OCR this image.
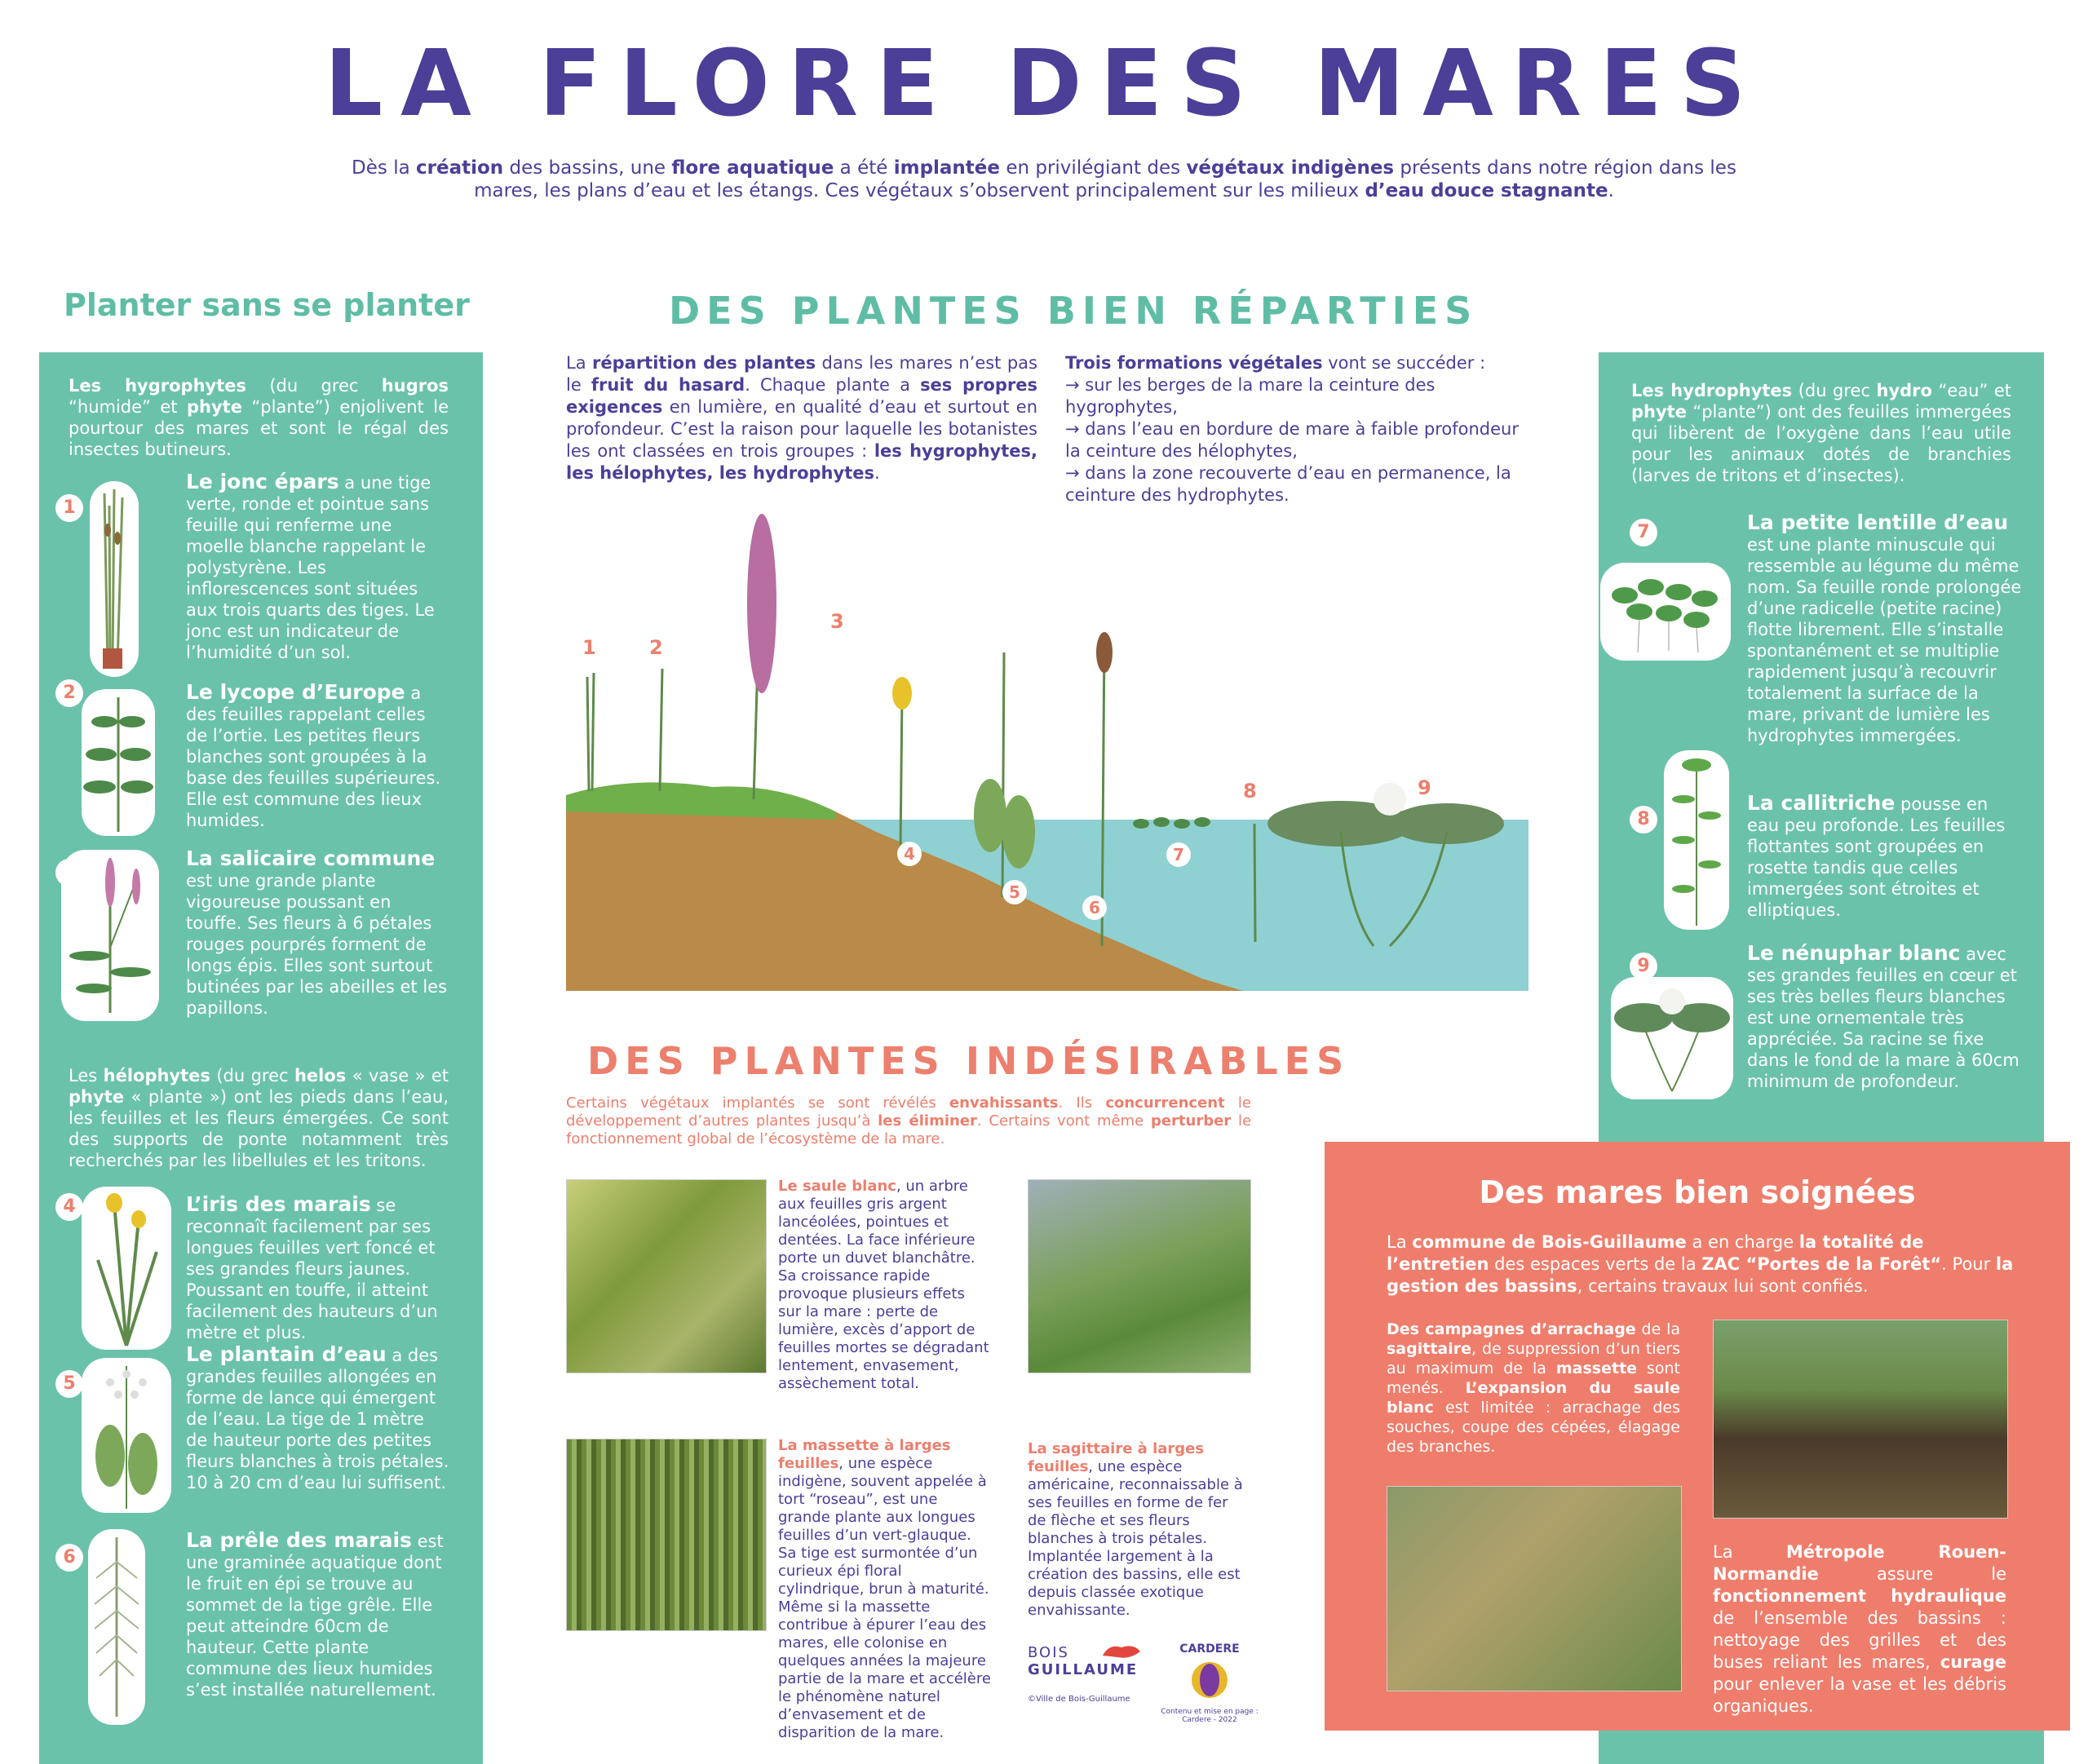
LA FLORE DES MARES
Dès la création des bassins, une flore aquatique a été implantée en privilégiant des végétaux indigènes présents dans notre région dans les mares, les plans d’eau et les étangs. Ces végétaux s’observent principalement sur les milieux d’eau douce stagnante.
Planter sans se planter
Les hygrophytes (du grec hugros “humide” et phyte “plante”) enjolivent le pourtour des mares et sont le régal des insectes butineurs.
1
Le jonc épars a une tige verte, ronde et pointue sans feuille qui renferme une moelle blanche rappelant le polystyrène. Les inflorescences sont situées aux trois quarts des tiges. Le jonc est un indicateur de l’humidité d’un sol.
2	Le lycope d’Europe a des feuilles rappelant celles de l’ortie. Les petites fleurs blanches sont groupées à la base des feuilles supérieures. Elle est commune des lieux humides.
La salicaire commune est une grande plante vigoureuse poussant en touffe. Ses fleurs à 6 pétales rouges pourprés forment de longs épis. Elles sont surtout butinées par les abeilles et les papillons.
Les hélophytes (du grec helos « vase » et phyte « plante ») ont les pieds dans l’eau, les feuilles et les fleurs émergées. Ce sont des supports de ponte notamment très recherchés par les libellules et les tritons.
4	L’iris des marais se reconnaît facilement par ses longues feuilles vert foncé et ses grandes fleurs jaunes. Poussant en touffe, il atteint facilement des hauteurs d’un mètre et plus.
5
Le plantain d’eau a des grandes feuilles allongées en forme de lance qui émergent de l’eau. La tige de 1 mètre de hauteur porte des petites fleurs blanches à trois pétales. 10 à 20 cm d’eau lui suffisent.
6
La prêle des marais est une graminée aquatique dont le fruit en épi se trouve au sommet de la tige grêle. Elle peut atteindre 60cm de hauteur. Cette plante commune des lieux humides s’est installée naturellement.
DES PLANTES BIEN RÉPARTIES
La répartition des plantes dans les mares n’est pas le fruit du hasard. Chaque plante a ses propres exigences en lumière, en qualité d’eau et surtout en profondeur. C’est la raison pour laquelle les botanistes les ont classées en trois groupes : les hygrophytes, les hélophytes, les hydrophytes.
Trois formations végétales vont se succéder :
→ sur les berges de la mare la ceinture des hygrophytes,
→ dans l’eau en bordure de mare à faible profondeur la ceinture des hélophytes,
→ dans la zone recouverte d’eau en permanence, la ceinture des hydrophytes.
1	2
3
4
5
6
7
8	9
DES PLANTES INDÉSIRABLES
Certains végétaux implantés se sont révélés envahissants. Ils concurrencent le développement d’autres plantes jusqu’à les éliminer. Certains vont même perturber le fonctionnement global de l’écosystème de la mare.
Le saule blanc, un arbre aux feuilles gris argent lancéolées, pointues et dentées. La face inférieure porte un duvet blanchâtre. Sa croissance rapide provoque plusieurs effets sur la mare : perte de lumière, excès d’apport de feuilles mortes se dégradant lentement, envasement, assèchement total.
La massette à larges feuilles, une espèce indigène, souvent appelée à tort “roseau”, est une grande plante aux longues feuilles d’un vert-glauque. Sa tige est surmontée d’un curieux épi floral cylindrique, brun à maturité. Même si la massette contribue à épurer l’eau des mares, elle colonise en quelques années la majeure partie de la mare et accélère le phénomène naturel d’envasement et de disparition de la mare.
La sagittaire à larges feuilles, une espèce américaine, reconnaissable à ses feuilles en forme de fer de flèche et ses fleurs blanches à trois pétales. Implantée largement à la création des bassins, elle est depuis classée exotique envahissante.
BOIS
GUILLAUME
©Ville de Bois-Guillaume
CARDERE
Contenu et mise en page : Cardere - 2022
Les hydrophytes (du grec hydro “eau” et phyte “plante”) ont des feuilles immergées qui libèrent de l’oxygène dans l’eau utile pour les animaux dotés de branchies (larves de tritons et d’insectes).
7	La petite lentille d’eau est une plante minuscule qui ressemble au légume du même nom. Sa feuille ronde prolongée d’une radicelle (petite racine) flotte librement. Elle s’installe spontanément et se multiplie rapidement jusqu’à recouvrir totalement la surface de la mare, privant de lumière les hydrophytes immergées.
8
La callitriche pousse en eau peu profonde. Les feuilles flottantes sont groupées en rosette tandis que celles immergées sont étroites et elliptiques.
9
Le nénuphar blanc avec ses grandes feuilles en cœur et ses très belles fleurs blanches est une ornementale très appréciée. Sa racine se fixe dans le fond de la mare à 60cm minimum de profondeur.
Des mares bien soignées
La commune de Bois-Guillaume a en charge la totalité de l’entretien des espaces verts de la ZAC “Portes de la Forêt“. Pour la gestion des bassins, certains travaux lui sont confiés.
Des campagnes d’arrachage de la sagittaire, de suppression d’un tiers au maximum de la massette sont menés. L’expansion du saule blanc est limitée : arrachage des souches, coupe des cépées, élagage des branches.
La Métropole Rouen-Normandie assure le fonctionnement hydraulique de l’ensemble des bassins : nettoyage des grilles et des buses reliant les mares, curage pour enlever la vase et les débris organiques.
